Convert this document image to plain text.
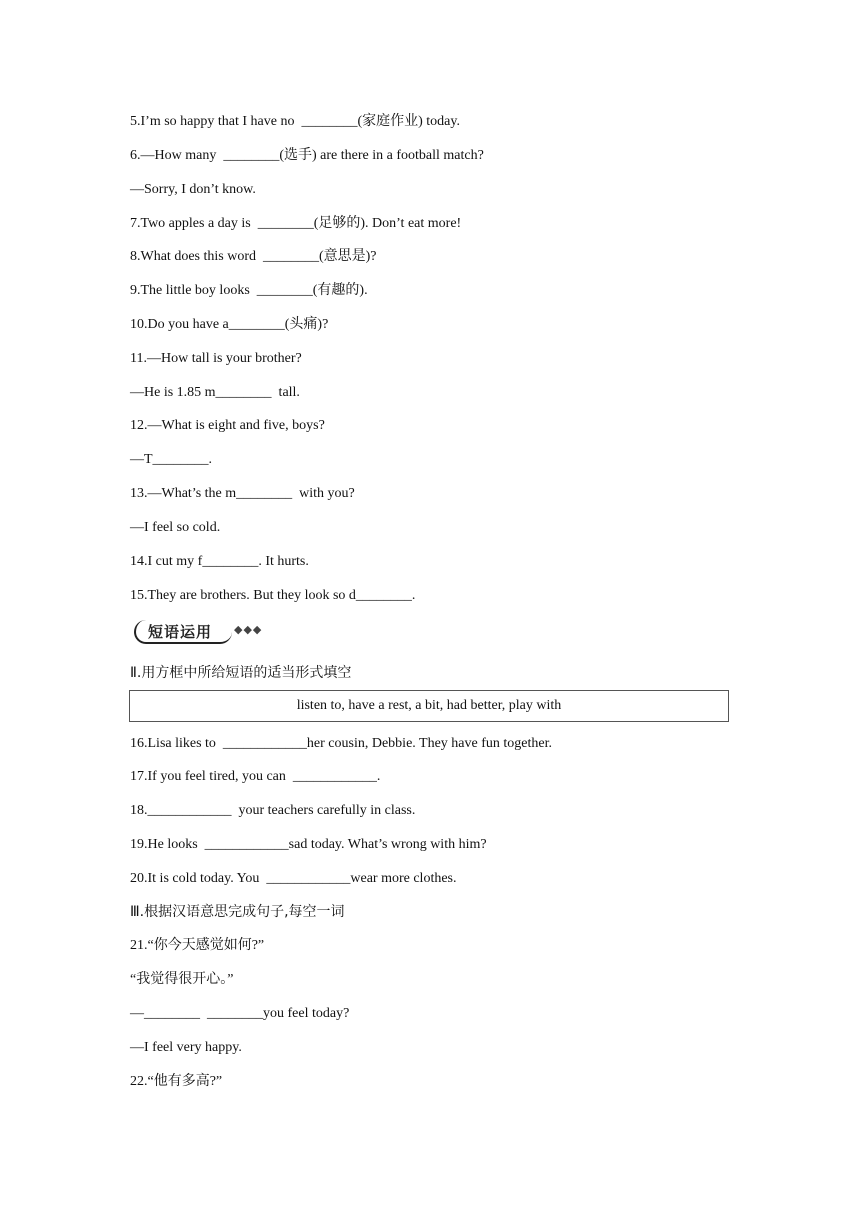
5.I’m so happy that I have no  ________(家庭作业) today.
6.—How many  ________(选手) are there in a football match?
—Sorry, I don’t know.
7.Two apples a day is  ________(足够的). Don’t eat more!
8.What does this word  ________(意思是)?
9.The little boy looks  ________(有趣的).
10.Do you have a________(头痛)?
11.—How tall is your brother?
—He is 1.85 m________  tall.
12.—What is eight and five, boys?
—T________.
13.—What’s the m________  with you?
—I feel so cold.
14.I cut my f________. It hurts.
15.They are brothers. But they look so d________.
短语运用 ◆◆◆
Ⅱ.用方框中所给短语的适当形式填空
listen to, have a rest, a bit, had better, play with
16.Lisa likes to  ____________her cousin, Debbie. They have fun together.
17.If you feel tired, you can  ____________.
18.____________  your teachers carefully in class.
19.He looks  ____________sad today. What’s wrong with him?
20.It is cold today. You  ____________wear more clothes.
Ⅲ.根据汉语意思完成句子,每空一词
21.“你今天感觉如何?”
“我觉得很开心。”
—________  ________you feel today?
—I feel very happy.
22.“他有多高?”
